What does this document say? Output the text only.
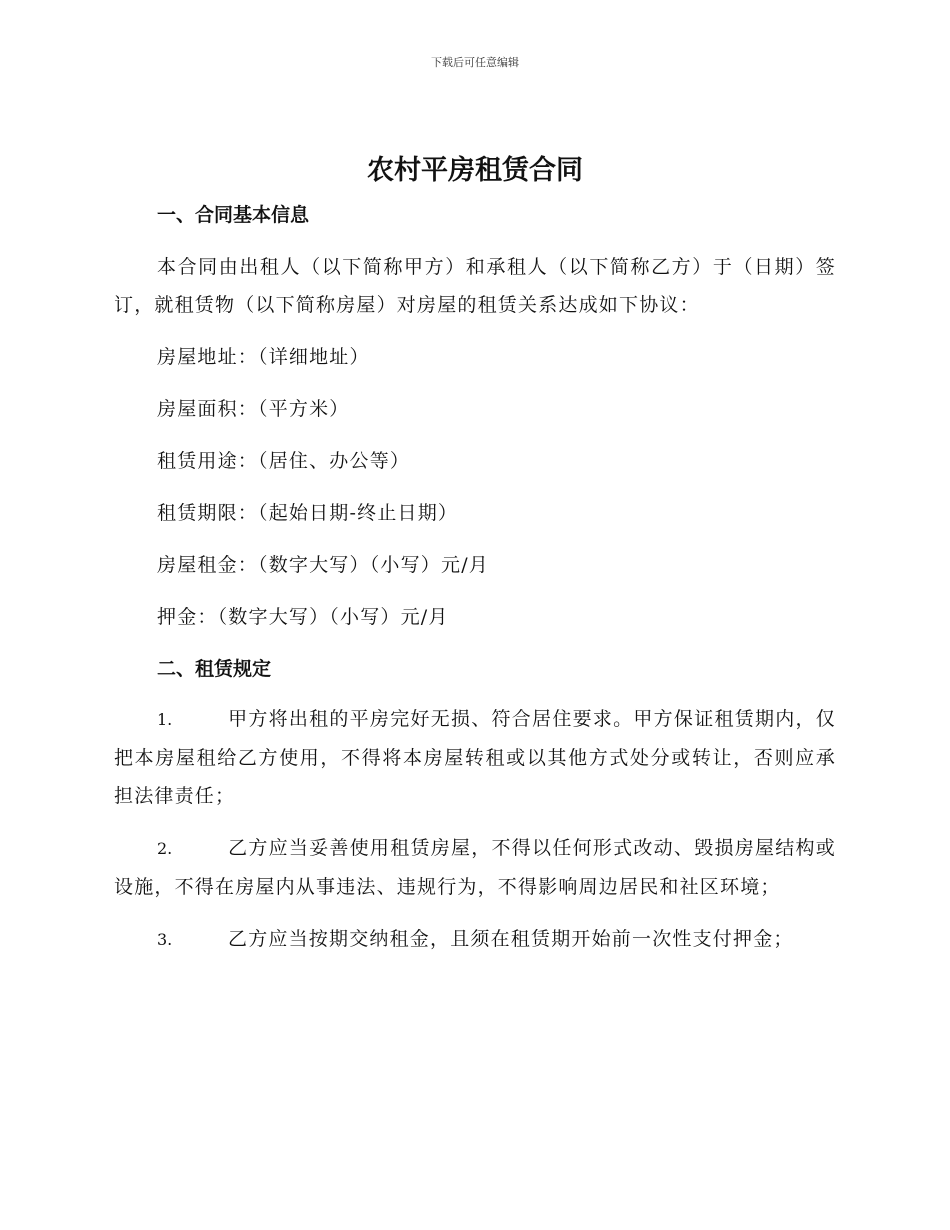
下载后可任意编辑
农村平房租赁合同

一、合同基本信息

本合同由出租人（以下简称甲方）和承租人（以下简称乙方）于（日期）签订，就租赁物（以下简称房屋）对房屋的租赁关系达成如下协议：

房屋地址：（详细地址）

房屋面积：（平方米）

租赁用途：（居住、办公等）

租赁期限：（起始日期-终止日期）

房屋租金：（数字大写）（小写）元/月

押金：（数字大写）（小写）元/月

二、租赁规定

1.	甲方将出租的平房完好无损、符合居住要求。甲方保证租赁期内，仅把本房屋租给乙方使用，不得将本房屋转租或以其他方式处分或转让，否则应承担法律责任；

2.	乙方应当妥善使用租赁房屋，不得以任何形式改动、毁损房屋结构或设施，不得在房屋内从事违法、违规行为，不得影响周边居民和社区环境；

3.	乙方应当按期交纳租金，且须在租赁期开始前一次性支付押金；
